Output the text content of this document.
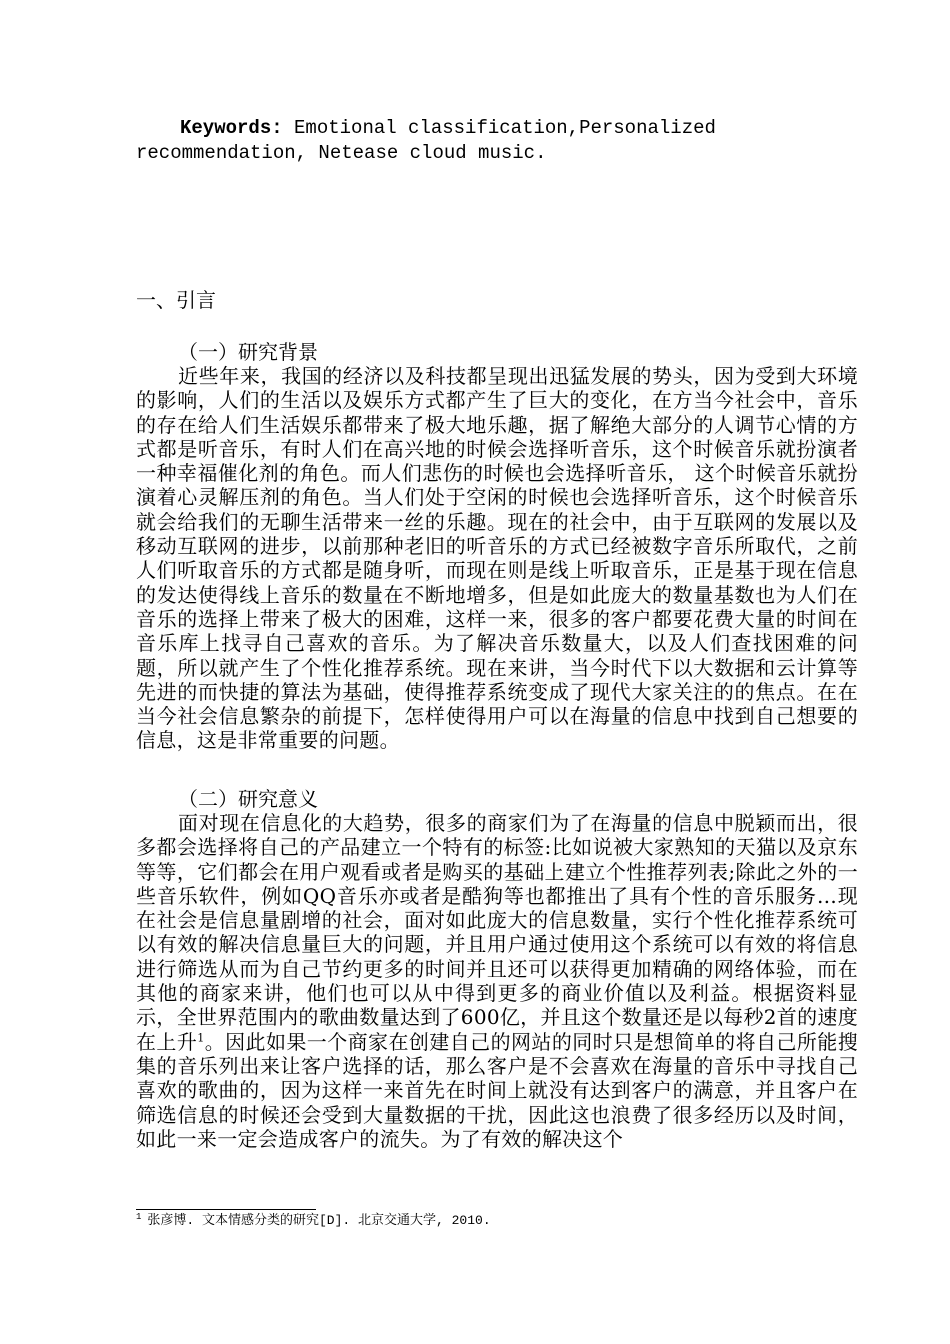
Keywords: Emotional classification,Personalized recommendation, Netease cloud music.

一、引言
（一）研究背景

近些年来，我国的经济以及科技都呈现出迅猛发展的势头，因为受到大环境的影响，人们的生活以及娱乐方式都产生了巨大的变化，在方当今社会中，音乐的存在给人们生活娱乐都带来了极大地乐趣，据了解绝大部分的人调节心情的方式都是听音乐，有时人们在高兴地的时候会选择听音乐，这个时候音乐就扮演者一种幸福催化剂的角色。而人们悲伤的时候也会选择听音乐， 这个时候音乐就扮演着心灵解压剂的角色。当人们处于空闲的时候也会选择听音乐，这个时候音乐就会给我们的无聊生活带来一丝的乐趣。现在的社会中，由于互联网的发展以及移动互联网的进步，以前那种老旧的听音乐的方式已经被数字音乐所取代，之前人们听取音乐的方式都是随身听，而现在则是线上听取音乐，正是基于现在信息的发达使得线上音乐的数量在不断地增多，但是如此庞大的数量基数也为人们在音乐的选择上带来了极大的困难，这样一来，很多的客户都要花费大量的时间在音乐库上找寻自己喜欢的音乐。为了解决音乐数量大，以及人们查找困难的问题，所以就产生了个性化推荐系统。现在来讲，当今时代下以大数据和云计算等先进的而快捷的算法为基础，使得推荐系统变成了现代大家关注的的焦点。在在当今社会信息繁杂的前提下，怎样使得用户可以在海量的信息中找到自己想要的信息，这是非常重要的问题。

（二）研究意义

面对现在信息化的大趋势，很多的商家们为了在海量的信息中脱颖而出，很多都会选择将自己的产品建立一个特有的标签:比如说被大家熟知的天猫以及京东等等，它们都会在用户观看或者是购买的基础上建立个性推荐列表;除此之外的一些音乐软件，例如QQ音乐亦或者是酷狗等也都推出了具有个性的音乐服务…现在社会是信息量剧增的社会，面对如此庞大的信息数量，实行个性化推荐系统可以有效的解决信息量巨大的问题，并且用户通过使用这个系统可以有效的将信息进行筛选从而为自己节约更多的时间并且还可以获得更加精确的网络体验，而在其他的商家来讲，他们也可以从中得到更多的商业价值以及利益。根据资料显示，全世界范围内的歌曲数量达到了600亿，并且这个数量还是以每秒2首的速度在上升$^1$。因此如果一个商家在创建自己的网站的同时只是想简单的将自己所能搜集的音乐列出来让客户选择的话，那么客户是不会喜欢在海量的音乐中寻找自己喜欢的歌曲的，因为这样一来首先在时间上就没有达到客户的满意，并且客户在筛选信息的时候还会受到大量数据的干扰，因此这也浪费了很多经历以及时间，如此一来一定会造成客户的流失。为了有效的解决这个

$^1$ 张彦博. 文本情感分类的研究[D]. 北京交通大学, 2010.
